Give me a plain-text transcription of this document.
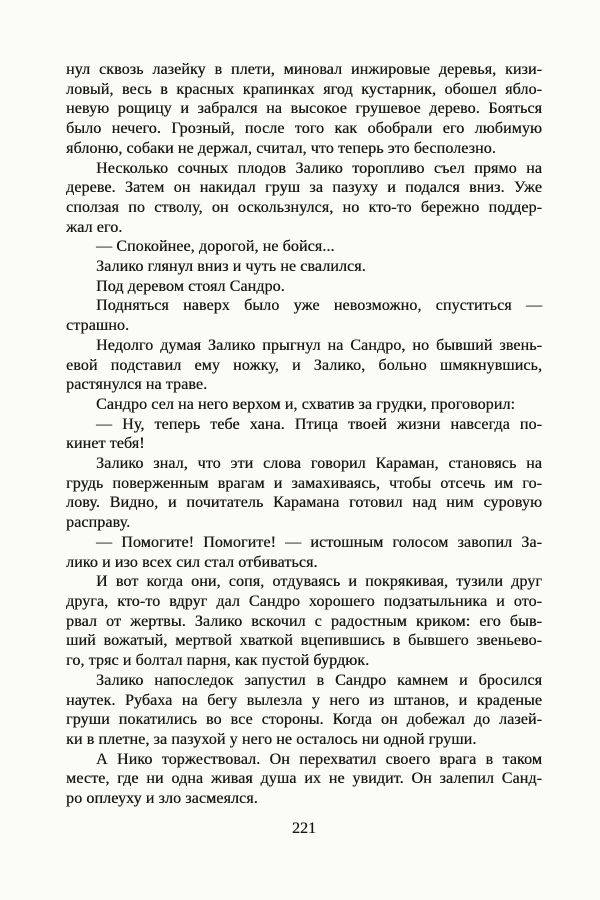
нул сквозь лазейку в плети, миновал инжировые деревья, кизи-
ловый, весь в красных крапинках ягод кустарник, обошел ябло-
невую рощицу и забрался на высокое грушевое дерево. Бояться
было нечего. Грозный, после того как обобрали его любимую
яблоню, собаки не держал, считал, что теперь это бесполезно.
Несколько сочных плодов Залико торопливо съел прямо на
дереве. Затем он накидал груш за пазуху и подался вниз. Уже
сползая по стволу, он оскользнулся, но кто-то бережно поддер-
жал его.
— Спокойнее, дорогой, не бойся...
Залико глянул вниз и чуть не свалился.
Под деревом стоял Сандро.
Подняться наверх было уже невозможно, спуститься —
страшно.
Недолго думая Залико прыгнул на Сандро, но бывший звень-
евой подставил ему ножку, и Залико, больно шмякнувшись,
растянулся на траве.
Сандро сел на него верхом и, схватив за грудки, проговорил:
— Ну, теперь тебе хана. Птица твоей жизни навсегда по-
кинет тебя!
Залико знал, что эти слова говорил Караман, становясь на
грудь поверженным врагам и замахиваясь, чтобы отсечь им го-
лову. Видно, и почитатель Карамана готовил над ним суровую
расправу.
— Помогите! Помогите! — истошным голосом завопил За-
лико и изо всех сил стал отбиваться.
И вот когда они, сопя, отдуваясь и покрякивая, тузили друг
друга, кто-то вдруг дал Сандро хорошего подзатыльника и ото-
рвал от жертвы. Залико вскочил с радостным криком: его быв-
ший вожатый, мертвой хваткой вцепившись в бывшего звеньево-
го, тряс и болтал парня, как пустой бурдюк.
Залико напоследок запустил в Сандро камнем и бросился
наутек. Рубаха на бегу вылезла у него из штанов, и краденые
груши покатились во все стороны. Когда он добежал до лазей-
ки в плетне, за пазухой у него не осталось ни одной груши.
А Нико торжествовал. Он перехватил своего врага в таком
месте, где ни одна живая душа их не увидит. Он залепил Санд-
ро оплеуху и зло засмеялся.
221
